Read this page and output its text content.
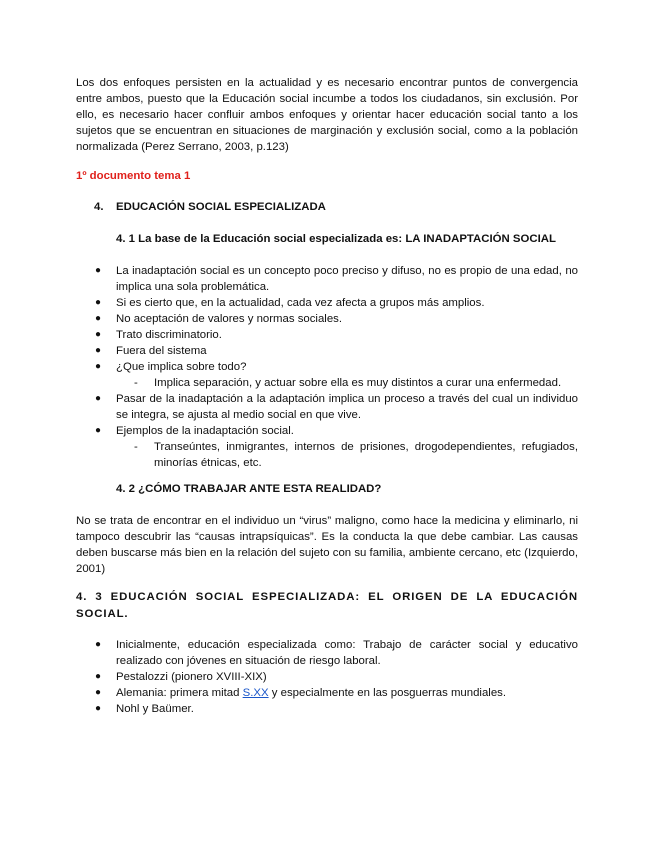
Los dos enfoques persisten en la actualidad y es necesario encontrar puntos de convergencia entre ambos, puesto que la Educación social incumbe a todos los ciudadanos, sin exclusión. Por ello, es necesario hacer confluir ambos enfoques y orientar hacer educación social tanto a los sujetos que se encuentran en situaciones de marginación y exclusión social, como a la población normalizada (Perez Serrano, 2003, p.123)

1º documento tema 1

4. EDUCACIÓN SOCIAL ESPECIALIZADA

4. 1 La base de la Educación social especializada es: LA INADAPTACIÓN SOCIAL

● La inadaptación social es un concepto poco preciso y difuso, no es propio de una edad, no implica una sola problemática.
● Si es cierto que, en la actualidad, cada vez afecta a grupos más amplios.
● No aceptación de valores y normas sociales.
● Trato discriminatorio.
● Fuera del sistema
● ¿Que implica sobre todo?
- Implica separación, y actuar sobre ella es muy distintos a curar una enfermedad.
● Pasar de la inadaptación a la adaptación implica un proceso a través del cual un individuo se integra, se ajusta al medio social en que vive.
● Ejemplos de la inadaptación social.
- Transeúntes, inmigrantes, internos de prisiones, drogodependientes, refugiados, minorías étnicas, etc.

4. 2 ¿CÓMO TRABAJAR ANTE ESTA REALIDAD?

No se trata de encontrar en el individuo un “virus” maligno, como hace la medicina y eliminarlo, ni tampoco descubrir las “causas intrapsíquicas”. Es la conducta la que debe cambiar. Las causas deben buscarse más bien en la relación del sujeto con su familia, ambiente cercano, etc (Izquierdo, 2001)

4. 3 EDUCACIÓN SOCIAL ESPECIALIZADA: EL ORIGEN DE LA EDUCACIÓN SOCIAL.

● Inicialmente, educación especializada como: Trabajo de carácter social y educativo realizado con jóvenes en situación de riesgo laboral.
● Pestalozzi (pionero XVIII-XIX)
● Alemania: primera mitad S.XX y especialmente en las posguerras mundiales.
● Nohl y Baümer.
